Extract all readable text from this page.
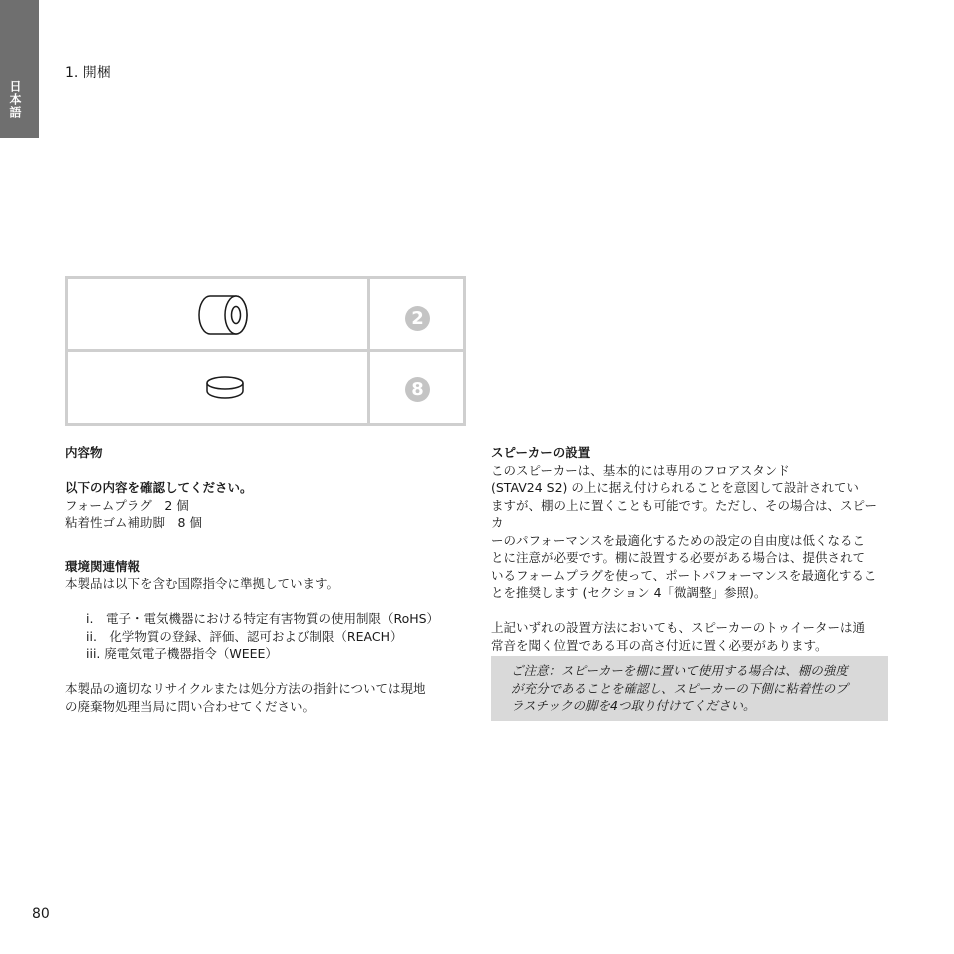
日本語
1. 開梱
2
8

内容物

以下の内容を確認してください。

フォームプラグ　2 個

粘着性ゴム補助脚　8 個

環境関連情報

本製品は以下を含む国際指令に準拠しています。

i.　電子・電気機器における特定有害物質の使用制限（RoHS）

ii.　化学物質の登録、評価、認可および制限（REACH）

iii. 廃電気電子機器指令（WEEE）

本製品の適切なリサイクルまたは処分方法の指針については現地

の廃棄物処理当局に問い合わせてください。

スピーカーの設置

このスピーカーは、基本的には専用のフロアスタンド

(STAV24 S2) の上に据え付けられることを意図して設計されてい

ますが、棚の上に置くことも可能です。ただし、その場合は、スピーカ

ーのパフォーマンスを最適化するための設定の自由度は低くなるこ

とに注意が必要です。棚に設置する必要がある場合は、提供されて

いるフォームプラグを使って、ポートパフォーマンスを最適化するこ

とを推奨します (セクション 4「微調整」参照)。

上記いずれの設置方法においても、スピーカーのトゥイーターは通

常音を聞く位置である耳の高さ付近に置く必要があります。

ご注意：スピーカーを棚に置いて使用する場合は、棚の強度

が充分であることを確認し、スピーカーの下側に粘着性のプ

ラスチックの脚を4つ取り付けてください。

80
